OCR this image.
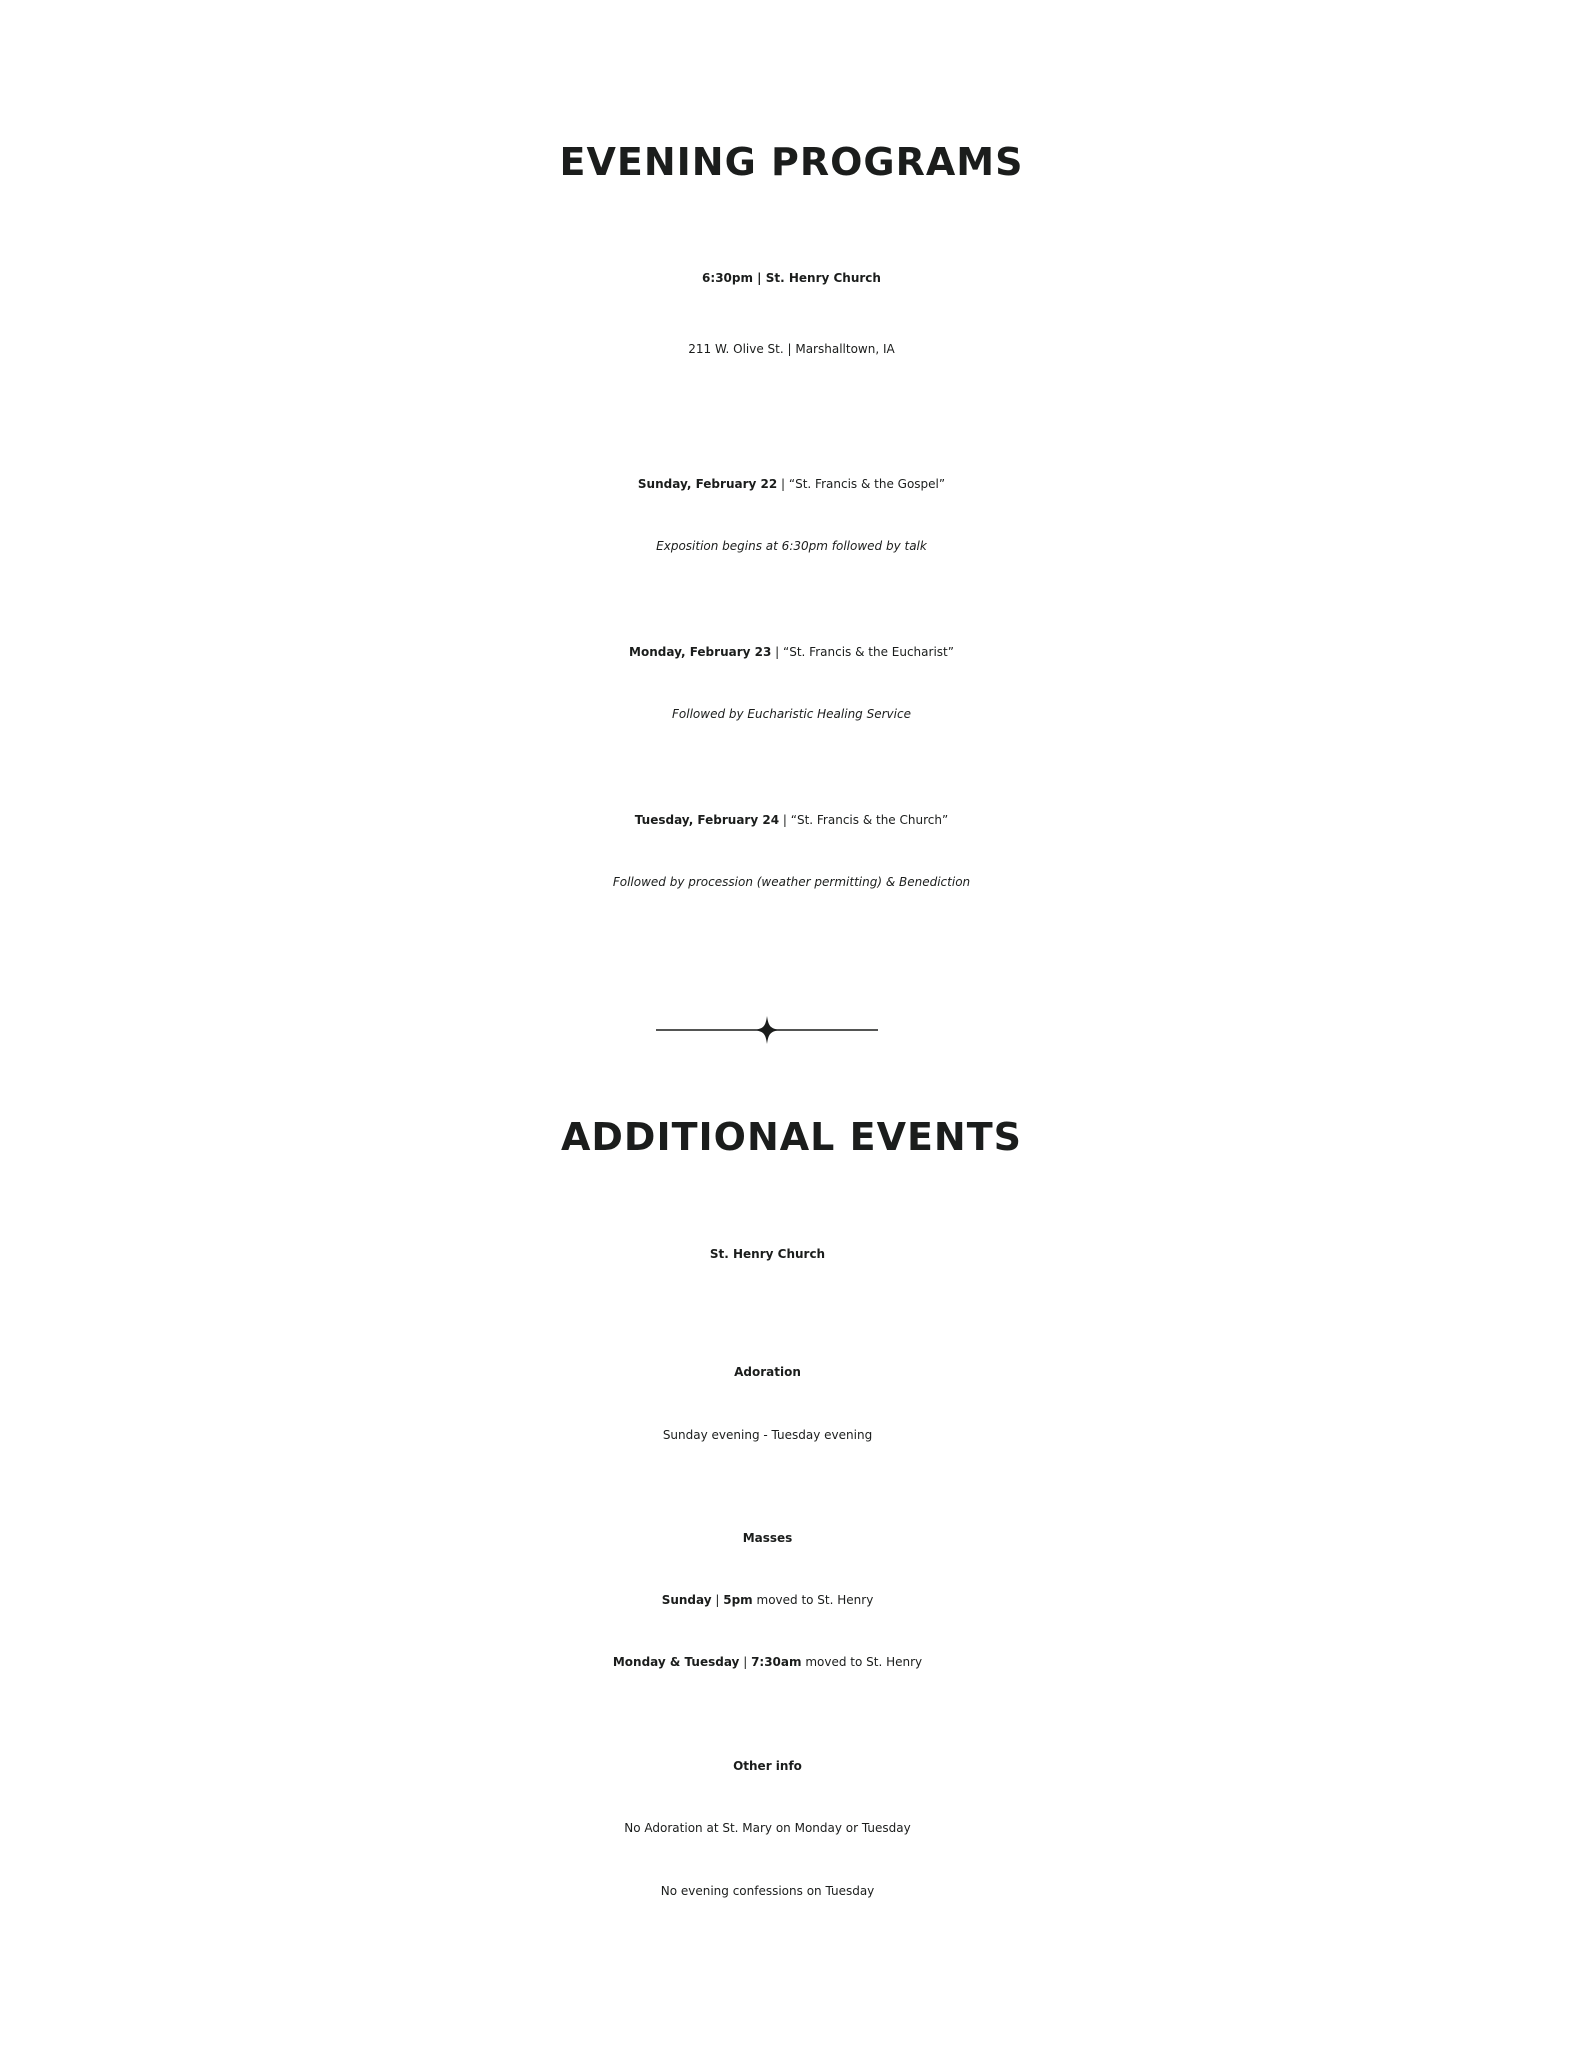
EVENING PROGRAMS
6:30pm | St. Henry Church
211 W. Olive St. | Marshalltown, IA
Sunday, February 22 | “St. Francis & the Gospel”
Exposition begins at 6:30pm followed by talk
Monday, February 23 | “St. Francis & the Eucharist”
Followed by Eucharistic Healing Service
Tuesday, February 24 | “St. Francis & the Church”
Followed by procession (weather permitting) & Benediction
ADDITIONAL EVENTS
St. Henry Church
Adoration
Sunday evening - Tuesday evening
Masses
Sunday | 5pm moved to St. Henry
Monday & Tuesday | 7:30am moved to St. Henry
Other info
No Adoration at St. Mary on Monday or Tuesday
No evening confessions on Tuesday
